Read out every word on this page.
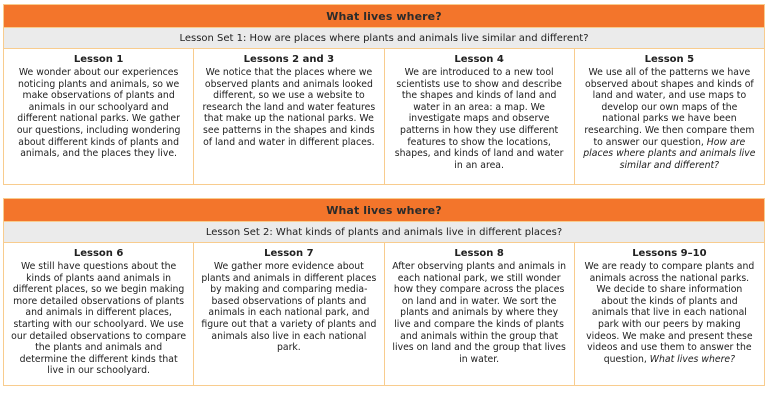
What lives where?
Lesson Set 1: How are places where plants and animals live similar and different?
Lesson 1
We wonder about our experiences noticing plants and animals, so we make observations of plants and animals in our schoolyard and different national parks. We gather our questions, including wondering about different kinds of plants and animals, and the places they live.
Lessons 2 and 3
We notice that the places where we observed plants and animals looked different, so we use a website to research the land and water features that make up the national parks. We see patterns in the shapes and kinds of land and water in different places.
Lesson 4
We are introduced to a new tool scientists use to show and describe the shapes and kinds of land and water in an area: a map. We investigate maps and observe patterns in how they use different features to show the locations, shapes, and kinds of land and water in an area.
Lesson 5
We use all of the patterns we have observed about shapes and kinds of land and water, and use maps to develop our own maps of the national parks we have been researching. We then compare them to answer our question, How are places where plants and animals live similar and different?
What lives where?
Lesson Set 2: What kinds of plants and animals live in different places?
Lesson 6
We still have questions about the kinds of plants aand animals in different places, so we begin making more detailed observations of plants and animals in different places, starting with our schoolyard. We use our detailed observations to compare the plants and animals and determine the different kinds that live in our schoolyard.
Lesson 7
We gather more evidence about plants and animals in different places by making and comparing media-based observations of plants and animals in each national park, and figure out that a variety of plants and animals also live in each national park.
Lesson 8
After observing plants and animals in each national park, we still wonder how they compare across the places on land and in water. We sort the plants and animals by where they live and compare the kinds of plants and animals within the group that lives on land and the group that lives in water.
Lessons 9–10
We are ready to compare plants and animals across the national parks. We decide to share information about the kinds of plants and animals that live in each national park with our peers by making videos. We make and present these videos and use them to answer the question, What lives where?
